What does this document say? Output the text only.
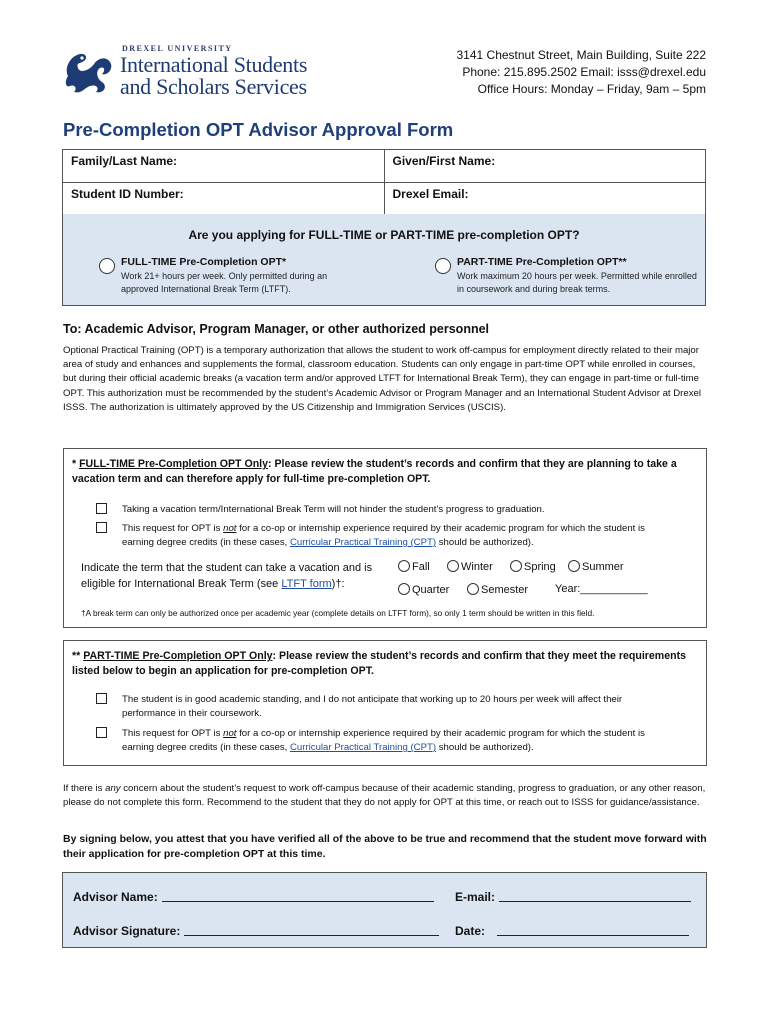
DREXEL UNIVERSITY
International Students
and Scholars Services
3141 Chestnut Street, Main Building, Suite 222
Phone: 215.895.2502 Email: isss@drexel.edu
Office Hours: Monday – Friday, 9am – 5pm
Pre-Completion OPT Advisor Approval Form
Family/Last Name:	Given/First Name:
Student ID Number:	Drexel Email:
Are you applying for FULL-TIME or PART-TIME pre-completion OPT?
FULL-TIME Pre-Completion OPT*
Work 21+ hours per week. Only permitted during an approved International Break Term (LTFT).
PART-TIME Pre-Completion OPT**
Work maximum 20 hours per week. Permitted while enrolled in coursework and during break terms.
To: Academic Advisor, Program Manager, or other authorized personnel
Optional Practical Training (OPT) is a temporary authorization that allows the student to work off-campus for employment directly related to their major area of study and enhances and supplements the formal, classroom education. Students can only engage in part-time OPT while enrolled in courses, but during their official academic breaks (a vacation term and/or approved LTFT for International Break Term), they can engage in part-time or full-time OPT. This authorization must be recommended by the student’s Academic Advisor or Program Manager and an International Student Advisor at Drexel ISSS. The authorization is ultimately approved by the US Citizenship and Immigration Services (USCIS).
* FULL-TIME Pre-Completion OPT Only: Please review the student’s records and confirm that they are planning to take a vacation term and can therefore apply for full-time pre-completion OPT.
Taking a vacation term/International Break Term will not hinder the student’s progress to graduation.
This request for OPT is not for a co-op or internship experience required by their academic program for which the student is earning degree credits (in these cases, Curricular Practical Training (CPT) should be authorized).
Indicate the term that the student can take a vacation and is eligible for International Break Term (see LTFT form)†:
Fall	Winter	Spring	Summer
Quarter	Semester Year:___________
†A break term can only be authorized once per academic year (complete details on LTFT form), so only 1 term should be written in this field.
** PART-TIME Pre-Completion OPT Only: Please review the student’s records and confirm that they meet the requirements listed below to begin an application for pre-completion OPT.
The student is in good academic standing, and I do not anticipate that working up to 20 hours per week will affect their performance in their coursework.
This request for OPT is not for a co-op or internship experience required by their academic program for which the student is earning degree credits (in these cases, Curricular Practical Training (CPT) should be authorized).
If there is any concern about the student’s request to work off-campus because of their academic standing, progress to graduation, or any other reason, please do not complete this form. Recommend to the student that they do not apply for OPT at this time, or reach out to ISSS for guidance/assistance.
By signing below, you attest that you have verified all of the above to be true and recommend that the student move forward with their application for pre-completion OPT at this time.
Advisor Name:	E-mail:
Advisor Signature:	Date:
